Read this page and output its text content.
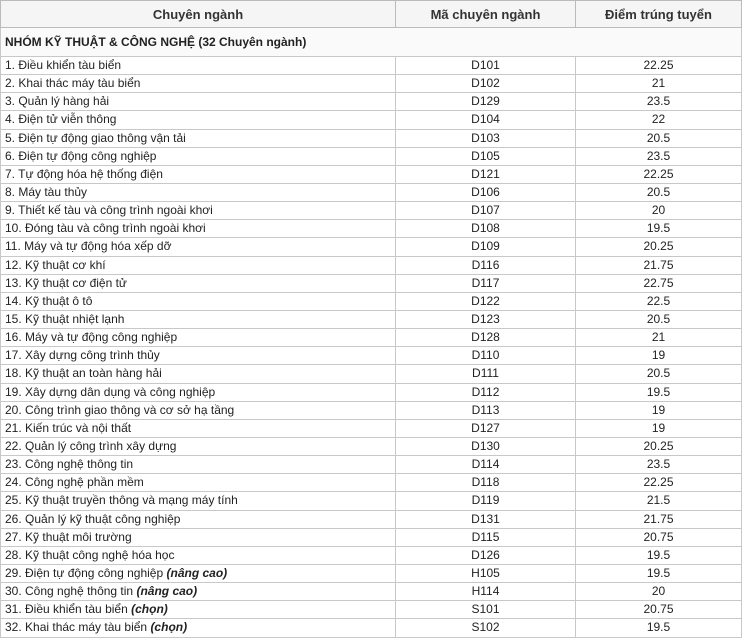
Chuyên ngành	Mã chuyên ngành	Điểm trúng tuyển
NHÓM KỸ THUẬT & CÔNG NGHỆ (32 Chuyên ngành)		
1. Điều khiển tàu biển	D101	22.25
2. Khai thác máy tàu biển	D102	21
3. Quản lý hàng hải	D129	23.5
4. Điện tử viễn thông	D104	22
5. Điện tự động giao thông vận tải	D103	20.5
6. Điện tự động công nghiệp	D105	23.5
7. Tự động hóa hệ thống điện	D121	22.25
8. Máy tàu thủy	D106	20.5
9. Thiết kế tàu và công trình ngoài khơi	D107	20
10. Đóng tàu và công trình ngoài khơi	D108	19.5
11. Máy và tự động hóa xếp dỡ	D109	20.25
12. Kỹ thuật cơ khí	D116	21.75
13. Kỹ thuật cơ điện tử	D117	22.75
14. Kỹ thuật ô tô	D122	22.5
15. Kỹ thuật nhiệt lạnh	D123	20.5
16. Máy và tự động công nghiệp	D128	21
17. Xây dựng công trình thủy	D110	19
18. Kỹ thuật an toàn hàng hải	D111	20.5
19. Xây dựng dân dụng và công nghiệp	D112	19.5
20. Công trình giao thông và cơ sở hạ tầng	D113	19
21. Kiến trúc và nội thất	D127	19
22. Quản lý công trình xây dựng	D130	20.25
23. Công nghệ thông tin	D114	23.5
24. Công nghệ phần mềm	D118	22.25
25. Kỹ thuật truyền thông và mạng máy tính	D119	21.5
26. Quản lý kỹ thuật công nghiệp	D131	21.75
27. Kỹ thuật môi trường	D115	20.75
28. Kỹ thuật công nghệ hóa học	D126	19.5
29. Điện tự động công nghiệp (nâng cao)	H105	19.5
30. Công nghệ thông tin (nâng cao)	H114	20
31. Điều khiển tàu biển (chọn)	S101	20.75
32. Khai thác máy tàu biển (chọn)	S102	19.5
